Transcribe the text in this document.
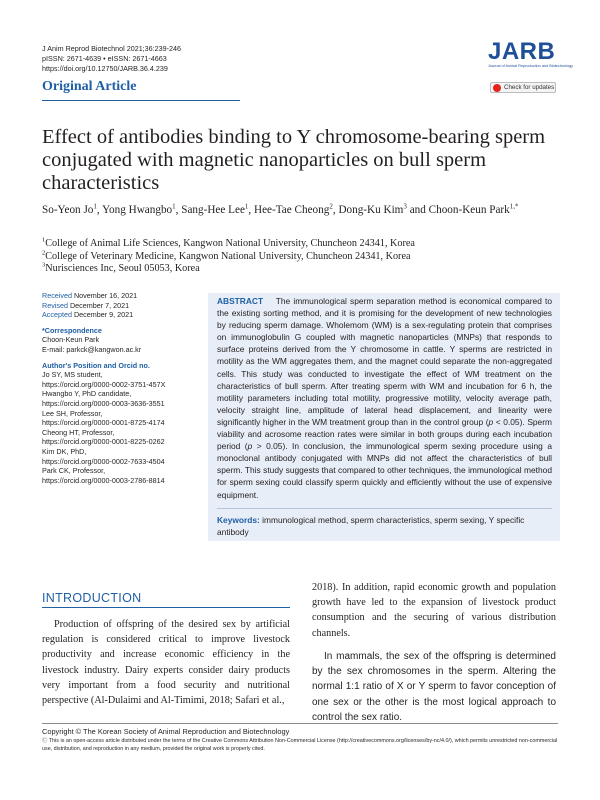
J Anim Reprod Biotechnol 2021;36:239-246
pISSN: 2671-4639 • eISSN: 2671-4663
https://doi.org/10.12750/JARB.36.4.239
Original Article
JARB
Journal of Animal Reproduction and Biotechnology
Check for updates
Effect of antibodies binding to Y chromosome-bearing sperm conjugated with magnetic nanoparticles on bull sperm characteristics
So-Yeon Jo$^1$, Yong Hwangbo$^1$, Sang-Hee Lee$^1$, Hee-Tae Cheong$^2$, Dong-Ku Kim$^3$ and Choon-Keun Park$^{1,*}$
$^1$College of Animal Life Sciences, Kangwon National University, Chuncheon 24341, Korea
$^2$College of Veterinary Medicine, Kangwon National University, Chuncheon 24341, Korea
$^3$Nurisciences Inc, Seoul 05053, Korea
Received November 16, 2021
Revised December 7, 2021
Accepted December 9, 2021
*Correspondence
Choon-Keun Park
E-mail: parkck@kangwon.ac.kr
Author's Position and Orcid no.
Jo SY, MS student,
https://orcid.org/0000-0002-3751-457X
Hwangbo Y, PhD candidate,
https://orcid.org/0000-0003-3636-3551
Lee SH, Professor,
https://orcid.org/0000-0001-8725-4174
Cheong HT, Professor,
https://orcid.org/0000-0001-8225-0262
Kim DK, PhD,
https://orcid.org/0000-0002-7633-4504
Park CK, Professor,
https://orcid.org/0000-0003-2786-8814
ABSTRACT The immunological sperm separation method is economical compared to the existing sorting method, and it is promising for the development of new technologies by reducing sperm damage. Wholemom (WM) is a sex-regulating protein that comprises on immunoglobulin G coupled with magnetic nanoparticles (MNPs) that responds to surface proteins derived from the Y chromosome in cattle. Y sperms are restricted in motility as the WM aggregates them, and the magnet could separate the non-aggregated cells. This study was conducted to investigate the effect of WM treatment on the characteristics of bull sperm. After treating sperm with WM and incubation for 6 h, the motility parameters including total motility, progressive motility, velocity average path, velocity straight line, amplitude of lateral head displacement, and linearity were significantly higher in the WM treatment group than in the control group (p < 0.05). Sperm viability and acrosome reaction rates were similar in both groups during each incubation period (p > 0.05). In conclusion, the immunological sperm sexing procedure using a monoclonal antibody conjugated with MNPs did not affect the characteristics of bull sperm. This study suggests that compared to other techniques, the immunological method for sperm sexing could classify sperm quickly and efficiently without the use of expensive equipment.
Keywords: immunological method, sperm characteristics, sperm sexing, Y specific antibody
INTRODUCTION
Production of offspring of the desired sex by artificial regulation is considered critical to improve livestock productivity and increase economic efficiency in the livestock industry. Dairy experts consider dairy products very important from a food security and nutritional perspective (Al-Dulaimi and Al-Timimi, 2018; Safari et al.,
2018). In addition, rapid economic growth and population growth have led to the expansion of livestock product consumption and the securing of various distribution channels.
In mammals, the sex of the offspring is determined by the sex chromosomes in the sperm. Altering the normal 1:1 ratio of X or Y sperm to favor conception of one sex or the other is the most logical approach to control the sex ratio.
Copyright © The Korean Society of Animal Reproduction and Biotechnology
Ⓒ This is an open-access article distributed under the terms of the Creative Commons Attribution Non-Commercial License (http://creativecommons.org/licenses/by-nc/4.0/), which permits unrestricted non-commercial use, distribution, and reproduction in any medium, provided the original work is properly cited.
